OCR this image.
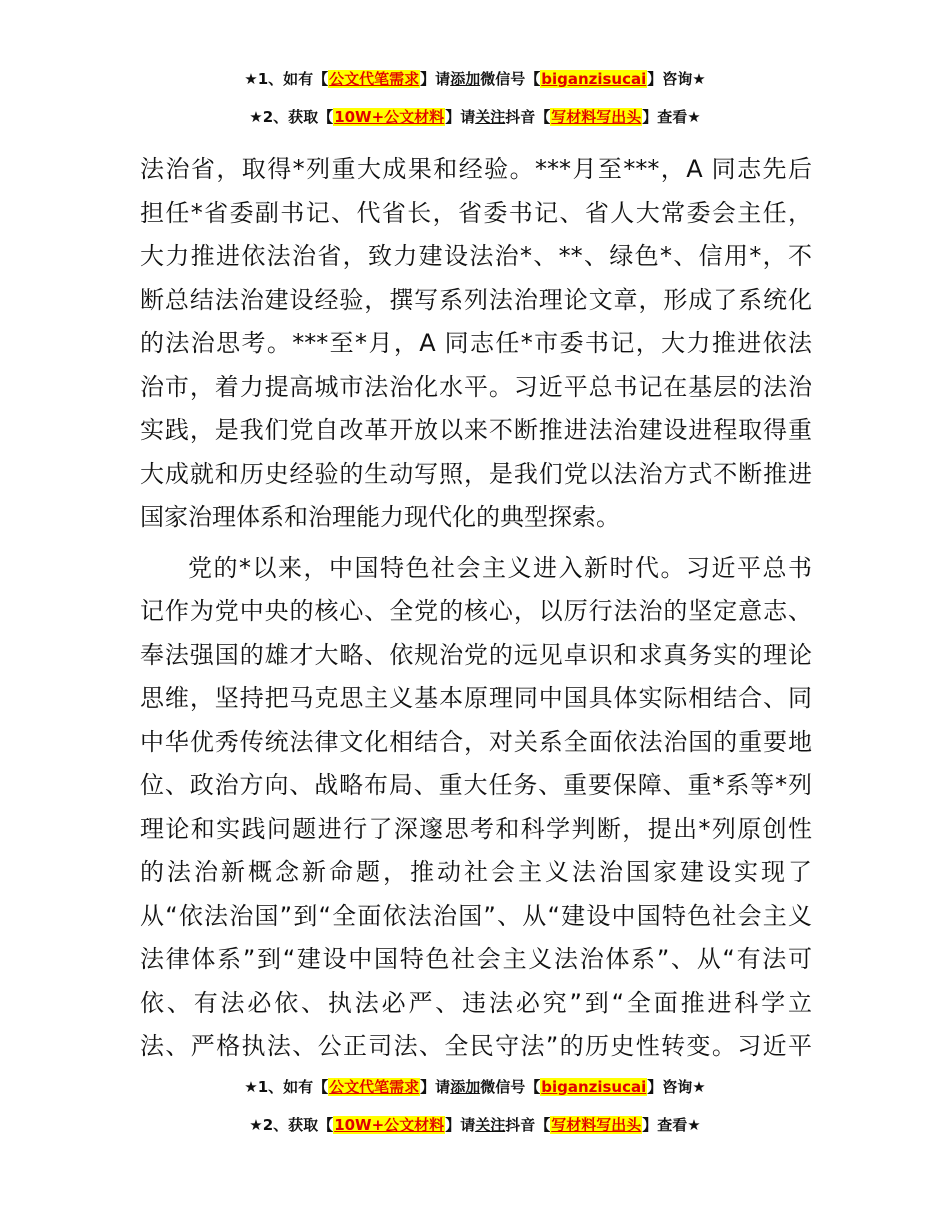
★1、如有【公文代笔需求】请添加微信号【biganzisucai】咨询★
★2、获取【10W+公文材料】请关注抖音【写材料写出头】查看★
法治省，取得*列重大成果和经验。***月至***，A 同志先后
担任*省委副书记、代省长，省委书记、省人大常委会主任，
大力推进依法治省，致力建设法治*、**、绿色*、信用*，不
断总结法治建设经验，撰写系列法治理论文章，形成了系统化
的法治思考。***至*月，A 同志任*市委书记，大力推进依法
治市，着力提高城市法治化水平。习近平总书记在基层的法治
实践，是我们党自改革开放以来不断推进法治建设进程取得重
大成就和历史经验的生动写照，是我们党以法治方式不断推进
国家治理体系和治理能力现代化的典型探索。
党的*以来，中国特色社会主义进入新时代。习近平总书
记作为党中央的核心、全党的核心，以厉行法治的坚定意志、
奉法强国的雄才大略、依规治党的远见卓识和求真务实的理论
思维，坚持把马克思主义基本原理同中国具体实际相结合、同
中华优秀传统法律文化相结合，对关系全面依法治国的重要地
位、政治方向、战略布局、重大任务、重要保障、重*系等*列
理论和实践问题进行了深邃思考和科学判断，提出*列原创性
的法治新概念新命题，推动社会主义法治国家建设实现了
从“依法治国”到“全面依法治国”、从“建设中国特色社会主义
法律体系”到“建设中国特色社会主义法治体系”、从“有法可
依、有法必依、执法必严、违法必究”到“全面推进科学立
法、严格执法、公正司法、全民守法”的历史性转变。习近平
★1、如有【公文代笔需求】请添加微信号【biganzisucai】咨询★
★2、获取【10W+公文材料】请关注抖音【写材料写出头】查看★
